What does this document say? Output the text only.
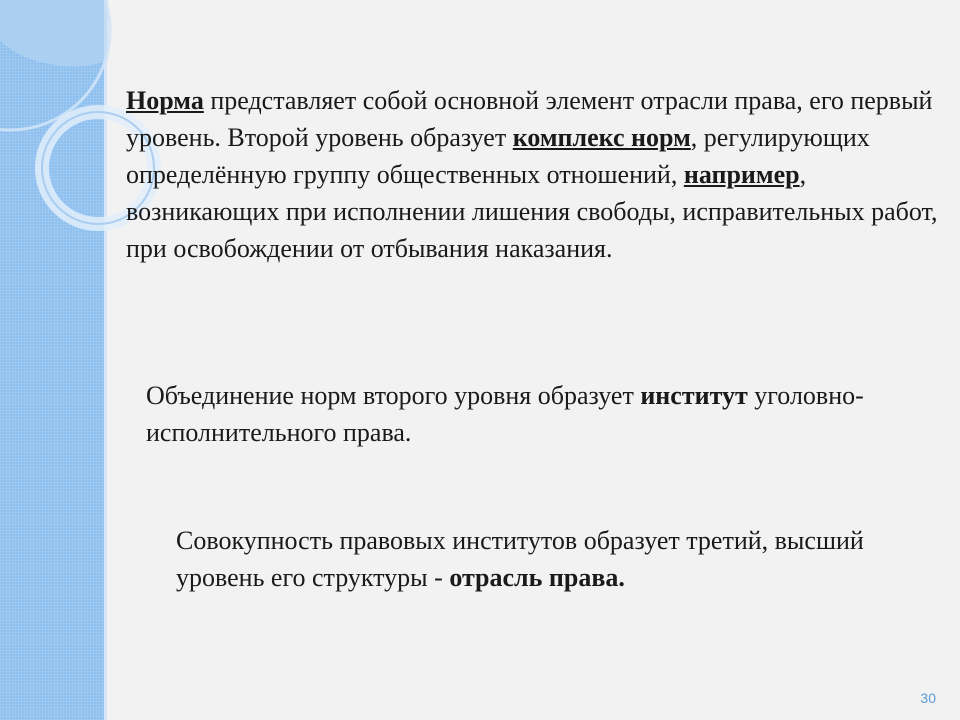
Норма представляет собой основной элемент отрасли права, его первый уровень. Второй уровень образует комплекс норм, регулирующих определённую группу общественных отношений, например, возникающих при исполнении лишения свободы, исправительных работ, при освобождении от отбывания наказания.

Объединение норм второго уровня образует институт уголовно-исполнительного права.

Совокупность правовых институтов образует третий, высший уровень его структуры - отрасль права.

30
